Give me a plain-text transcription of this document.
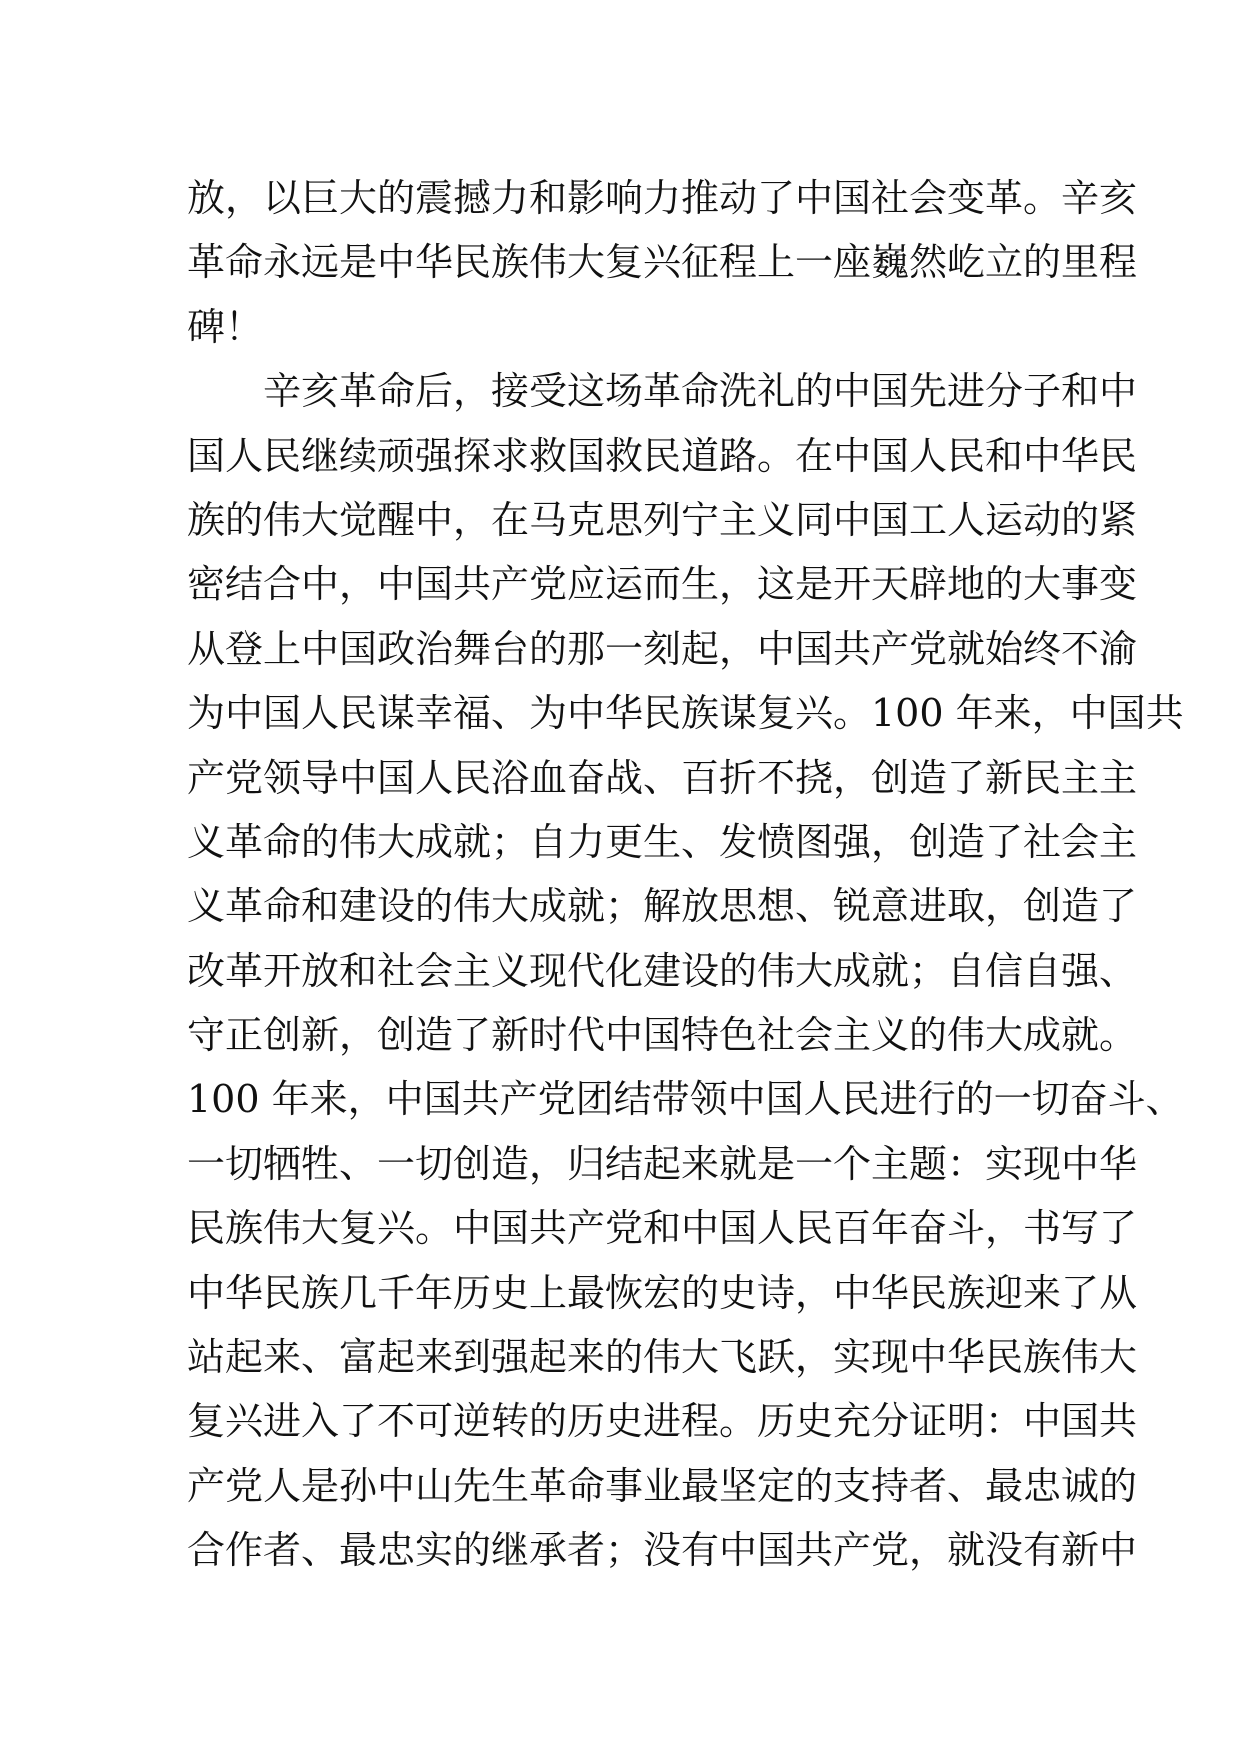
放，以巨大的震撼力和影响力推动了中国社会变革。辛亥
革命永远是中华民族伟大复兴征程上一座巍然屹立的里程
碑！
　　辛亥革命后，接受这场革命洗礼的中国先进分子和中
国人民继续顽强探求救国救民道路。在中国人民和中华民
族的伟大觉醒中，在马克思列宁主义同中国工人运动的紧
密结合中，中国共产党应运而生，这是开天辟地的大事变
从登上中国政治舞台的那一刻起，中国共产党就始终不渝
为中国人民谋幸福、为中华民族谋复兴。100 年来，中国共
产党领导中国人民浴血奋战、百折不挠，创造了新民主主
义革命的伟大成就；自力更生、发愤图强，创造了社会主
义革命和建设的伟大成就；解放思想、锐意进取，创造了
改革开放和社会主义现代化建设的伟大成就；自信自强、
守正创新，创造了新时代中国特色社会主义的伟大成就。
100 年来，中国共产党团结带领中国人民进行的一切奋斗、
一切牺牲、一切创造，归结起来就是一个主题：实现中华
民族伟大复兴。中国共产党和中国人民百年奋斗，书写了
中华民族几千年历史上最恢宏的史诗，中华民族迎来了从
站起来、富起来到强起来的伟大飞跃，实现中华民族伟大
复兴进入了不可逆转的历史进程。历史充分证明：中国共
产党人是孙中山先生革命事业最坚定的支持者、最忠诚的
合作者、最忠实的继承者；没有中国共产党，就没有新中
